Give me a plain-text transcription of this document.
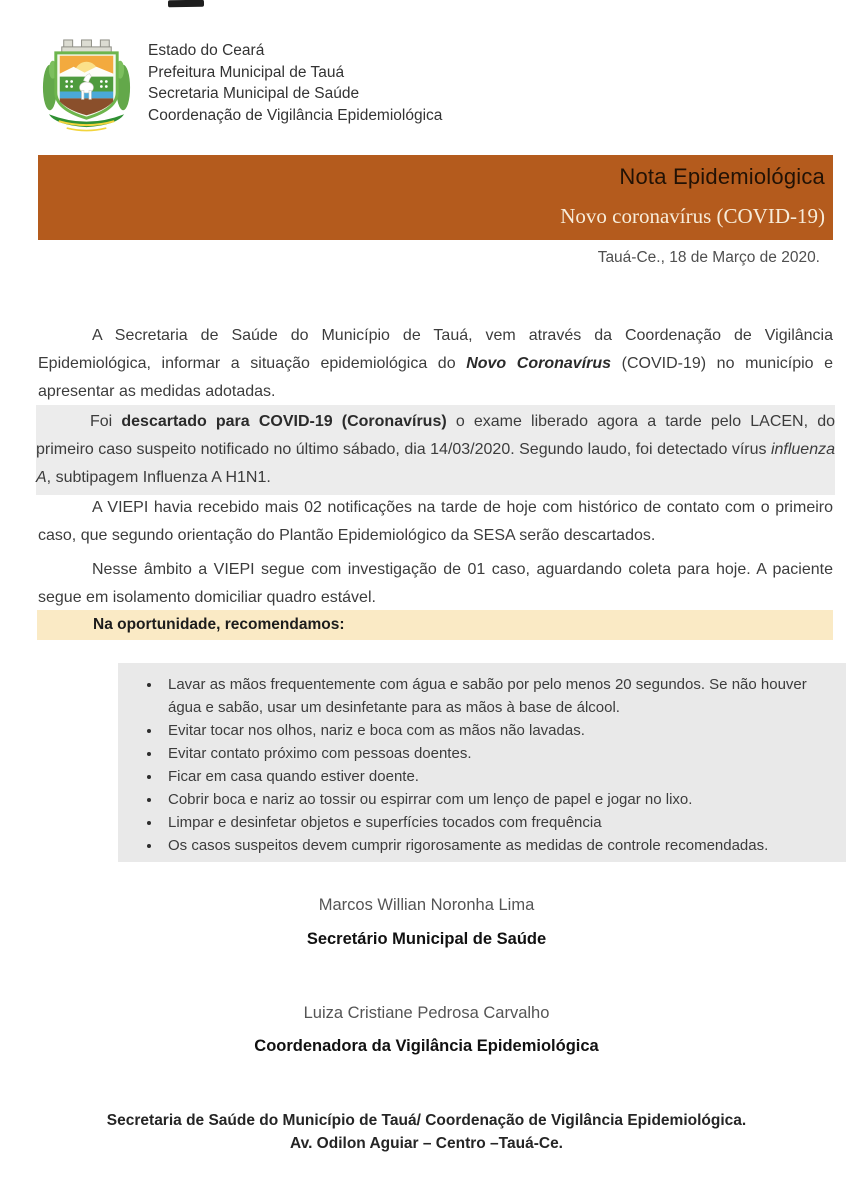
Estado do Ceará
Prefeitura Municipal de Tauá
Secretaria Municipal de Saúde
Coordenação de Vigilância Epidemiológica
Nota Epidemiológica
Novo coronavírus (COVID-19)
Tauá-Ce., 18 de Março de 2020.
A Secretaria de Saúde do Município de Tauá, vem através da Coordenação de Vigilância Epidemiológica, informar a situação epidemiológica do Novo Coronavírus (COVID-19) no município e apresentar as medidas adotadas.
Foi descartado para COVID-19 (Coronavírus) o exame liberado agora a tarde pelo LACEN, do primeiro caso suspeito notificado no último sábado, dia 14/03/2020. Segundo laudo, foi detectado vírus influenza A, subtipagem Influenza A H1N1.
A VIEPI havia recebido mais 02 notificações na tarde de hoje com histórico de contato com o primeiro caso, que segundo orientação do Plantão Epidemiológico da SESA serão descartados.
Nesse âmbito a VIEPI segue com investigação de 01 caso, aguardando coleta para hoje. A paciente segue em isolamento domiciliar quadro estável.
Na oportunidade, recomendamos:
• Lavar as mãos frequentemente com água e sabão por pelo menos 20 segundos. Se não houver água e sabão, usar um desinfetante para as mãos à base de álcool.
• Evitar tocar nos olhos, nariz e boca com as mãos não lavadas.
• Evitar contato próximo com pessoas doentes.
• Ficar em casa quando estiver doente.
• Cobrir boca e nariz ao tossir ou espirrar com um lenço de papel e jogar no lixo.
• Limpar e desinfetar objetos e superfícies tocados com frequência
• Os casos suspeitos devem cumprir rigorosamente as medidas de controle recomendadas.
Marcos Willian Noronha Lima
Secretário Municipal de Saúde
Luiza Cristiane Pedrosa Carvalho
Coordenadora da Vigilância Epidemiológica
Secretaria de Saúde do Município de Tauá/ Coordenação de Vigilância Epidemiológica.
Av. Odilon Aguiar – Centro –Tauá-Ce.
